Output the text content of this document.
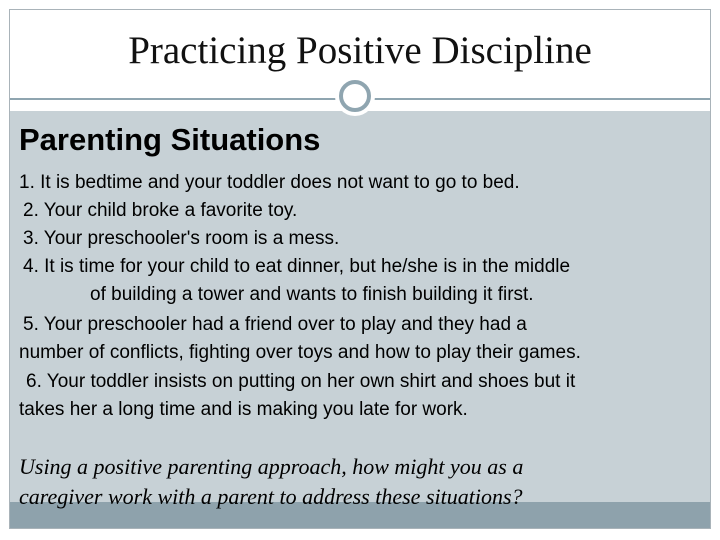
Practicing Positive Discipline
Parenting Situations
1. It is bedtime and your toddler does not want to go to bed.
2. Your child broke a favorite toy.
3. Your preschooler's room is a mess.
4. It is time for your child to eat dinner, but he/she is in the middle
of building a tower and wants to finish building it first.
5. Your preschooler had a friend over to play and they had a
number of conflicts, fighting over toys and how to play their games.
6. Your toddler insists on putting on her own shirt and shoes but it
takes her a long time and is making you late for work.
Using a positive parenting approach, how might you as a
caregiver work with a parent to address these situations?
